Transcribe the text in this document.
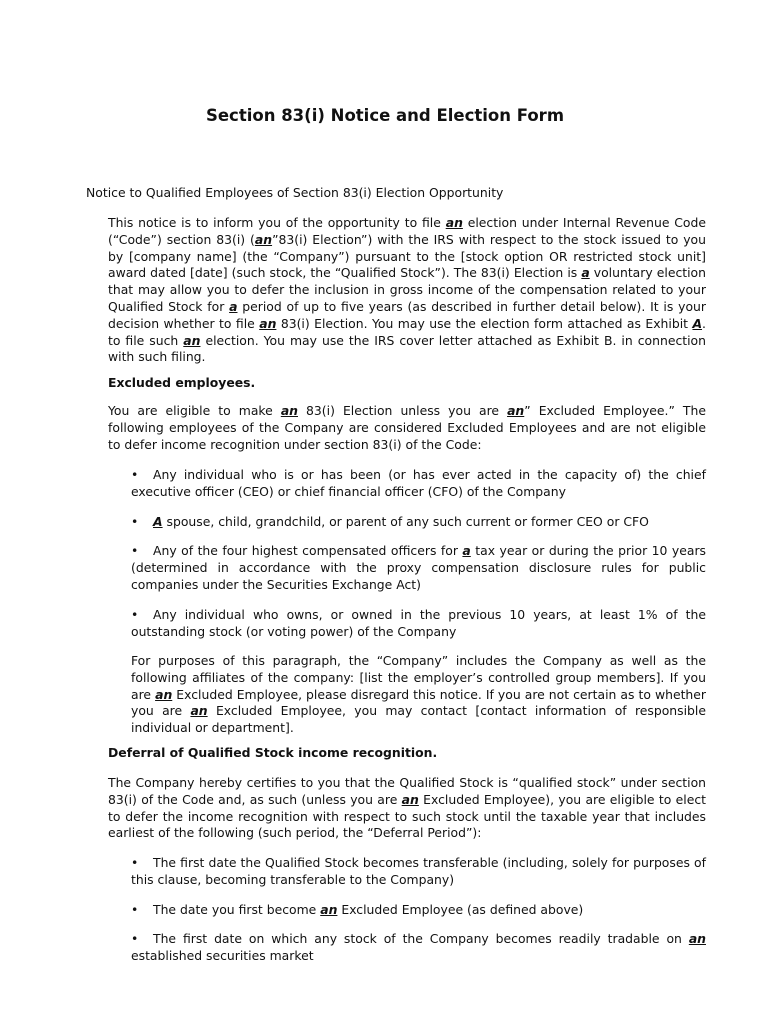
Section 83(i) Notice and Election Form

Notice to Qualified Employees of Section 83(i) Election Opportunity

This notice is to inform you of the opportunity to file an election under Internal Revenue Code (“Code”) section 83(i) (an”83(i) Election”) with the IRS with respect to the stock issued to you by [company name] (the “Company”) pursuant to the [stock option OR restricted stock unit] award dated [date] (such stock, the “Qualified Stock”). The 83(i) Election is a voluntary election that may allow you to defer the inclusion in gross income of the compensation related to your Qualified Stock for a period of up to five years (as described in further detail below). It is your decision whether to file an 83(i) Election. You may use the election form attached as Exhibit A. to file such an election. You may use the IRS cover letter attached as Exhibit B. in connection with such filing.

Excluded employees.

You are eligible to make an 83(i) Election unless you are an” Excluded Employee.” The following employees of the Company are considered Excluded Employees and are not eligible to defer income recognition under section 83(i) of the Code:

• Any individual who is or has been (or has ever acted in the capacity of) the chief executive officer (CEO) or chief financial officer (CFO) of the Company

• A spouse, child, grandchild, or parent of any such current or former CEO or CFO

• Any of the four highest compensated officers for a tax year or during the prior 10 years (determined in accordance with the proxy compensation disclosure rules for public companies under the Securities Exchange Act)

• Any individual who owns, or owned in the previous 10 years, at least 1% of the outstanding stock (or voting power) of the Company

For purposes of this paragraph, the “Company” includes the Company as well as the following affiliates of the company: [list the employer’s controlled group members]. If you are an Excluded Employee, please disregard this notice. If you are not certain as to whether you are an Excluded Employee, you may contact [contact information of responsible individual or department].

Deferral of Qualified Stock income recognition.

The Company hereby certifies to you that the Qualified Stock is “qualified stock” under section 83(i) of the Code and, as such (unless you are an Excluded Employee), you are eligible to elect to defer the income recognition with respect to such stock until the taxable year that includes earliest of the following (such period, the “Deferral Period”):

• The first date the Qualified Stock becomes transferable (including, solely for purposes of this clause, becoming transferable to the Company)

• The date you first become an Excluded Employee (as defined above)

• The first date on which any stock of the Company becomes readily tradable on an established securities market
